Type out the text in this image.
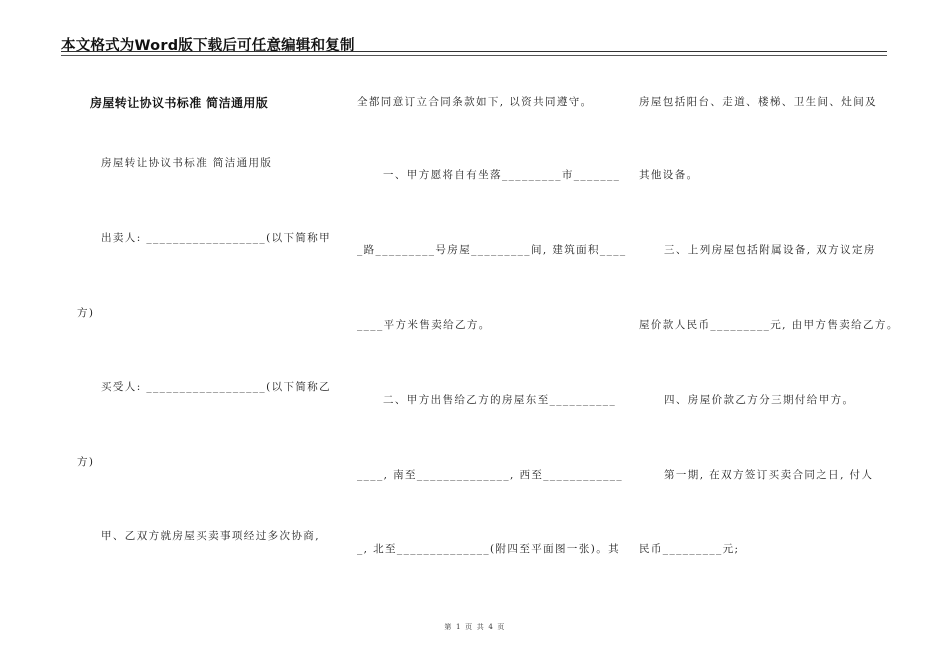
本文格式为Word版下载后可任意编辑和复制
房屋转让协议书标准 简洁通用版
房屋转让协议书标准 简洁通用版
出卖人: __________________(以下简称甲
方)
买受人: __________________(以下简称乙
方)
甲、乙双方就房屋买卖事项经过多次协商,
全都同意订立合同条款如下, 以资共同遵守。
一、甲方愿将自有坐落_________市_______
_路_________号房屋_________间, 建筑面积____
____平方米售卖给乙方。
二、甲方出售给乙方的房屋东至__________
____, 南至______________, 西至____________
_, 北至______________(附四至平面图一张)。其
房屋包括阳台、走道、楼梯、卫生间、灶间及
其他设备。
三、上列房屋包括附属设备, 双方议定房
屋价款人民币_________元, 由甲方售卖给乙方。
四、房屋价款乙方分三期付给甲方。
第一期, 在双方签订买卖合同之日, 付人
民币_________元;
第 1 页 共 4 页
